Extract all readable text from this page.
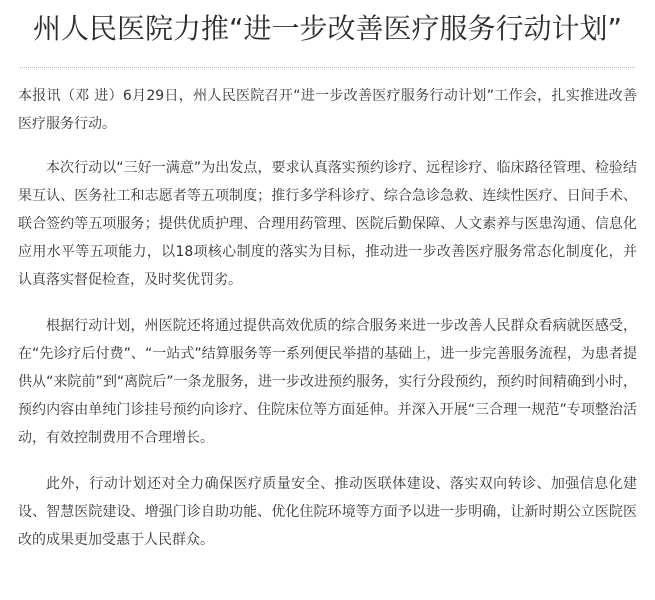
州人民医院力推“进一步改善医疗服务行动计划”

本报讯（邓 进）6月29日，州人民医院召开“进一步改善医疗服务行动计划”工作会，扎实推进改善医疗服务行动。

本次行动以“三好一满意”为出发点，要求认真落实预约诊疗、远程诊疗、临床路径管理、检验结果互认、医务社工和志愿者等五项制度；推行多学科诊疗、综合急诊急救、连续性医疗、日间手术、联合签约等五项服务；提供优质护理、合理用药管理、医院后勤保障、人文素养与医患沟通、信息化应用水平等五项能力，以18项核心制度的落实为目标，推动进一步改善医疗服务常态化制度化，并认真落实督促检查，及时奖优罚劣。

根据行动计划，州医院还将通过提供高效优质的综合服务来进一步改善人民群众看病就医感受，在“先诊疗后付费”、“一站式”结算服务等一系列便民举措的基础上，进一步完善服务流程，为患者提供从“来院前”到“离院后”一条龙服务，进一步改进预约服务，实行分段预约，预约时间精确到小时，预约内容由单纯门诊挂号预约向诊疗、住院床位等方面延伸。并深入开展“三合理一规范”专项整治活动，有效控制费用不合理增长。

此外，行动计划还对全力确保医疗质量安全、推动医联体建设、落实双向转诊、加强信息化建设、智慧医院建设、增强门诊自助功能、优化住院环境等方面予以进一步明确，让新时期公立医院医改的成果更加受惠于人民群众。
